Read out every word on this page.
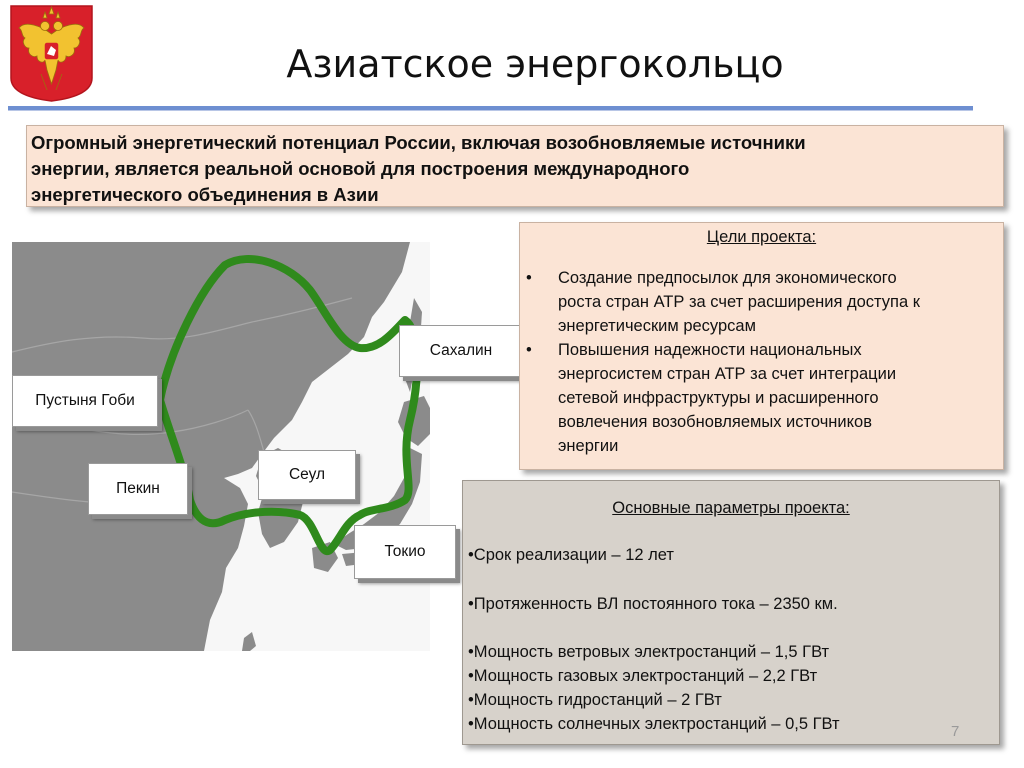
Азиатское энергокольцо
Огромный энергетический потенциал России, включая возобновляемые источники
энергии, является реальной основой для построения международного
энергетического объединения в Азии
Пустыня Гоби
Пекин
Сеул
Сахалин
Токио
Цели проекта:
• Создание предпосылок для экономического
роста стран АТР за счет расширения доступа к
энергетическим ресурсам
• Повышения надежности национальных
энергосистем стран АТР за счет интеграции
сетевой инфраструктуры и расширенного
вовлечения возобновляемых источников
энергии
Основные параметры проекта:
•Срок реализации – 12 лет
•Протяженность ВЛ постоянного тока – 2350 км.
•Мощность ветровых электростанций – 1,5 ГВт
•Мощность газовых электростанций – 2,2 ГВт
•Мощность гидростанций – 2 ГВт
•Мощность солнечных электростанций – 0,5 ГВт	7
